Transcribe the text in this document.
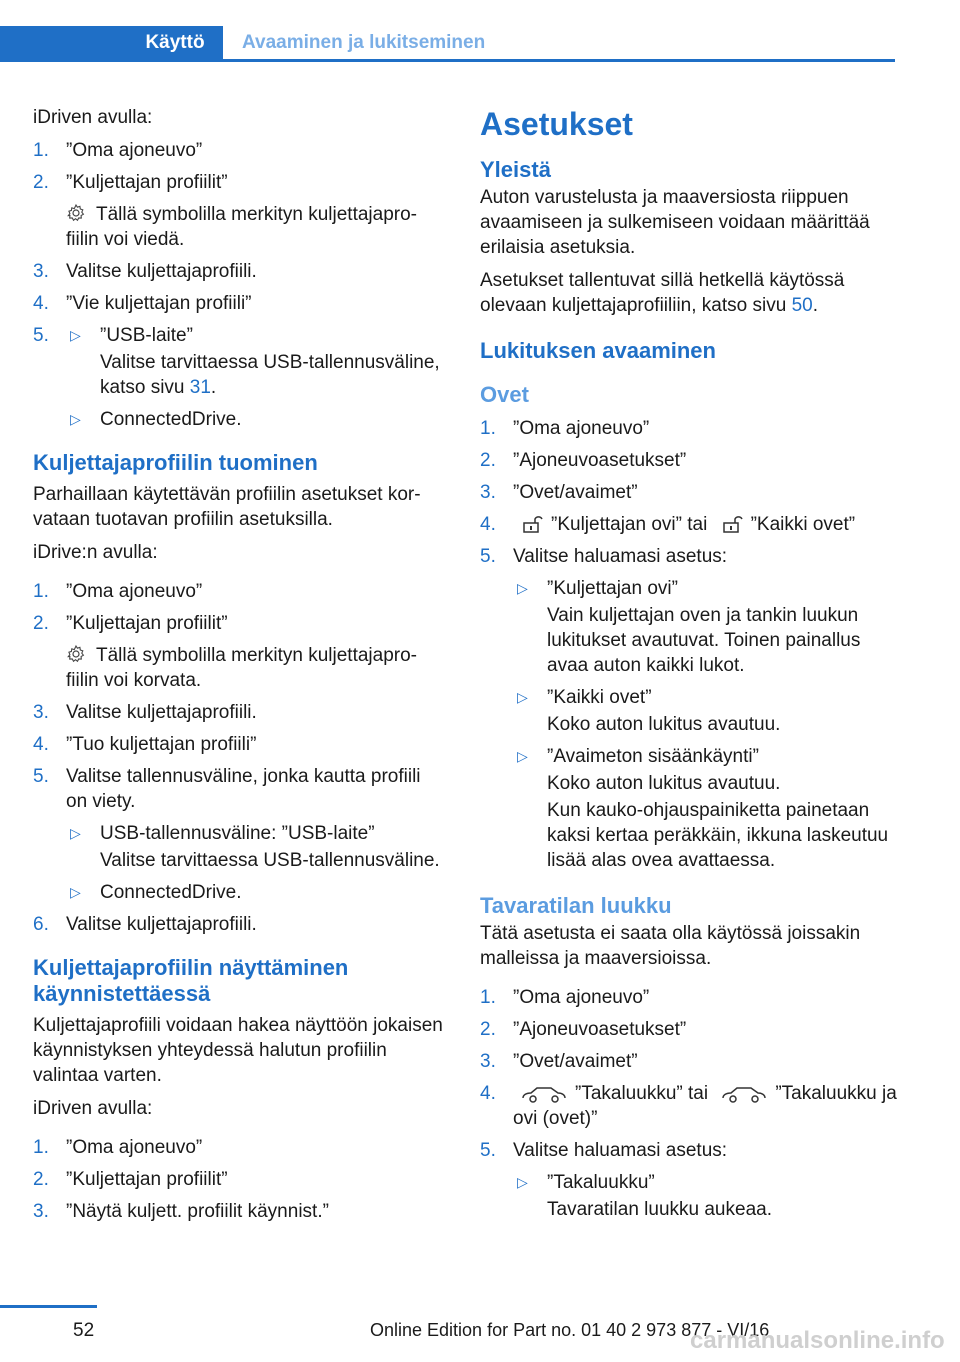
Käyttö	Avaaminen ja lukitseminen

iDriven avulla:

1. ”Oma ajoneuvo”
2. ”Kuljettajan profiilit”
Tällä symbolilla merkityn kuljettajaprofiilin voi viedä.
3. Valitse kuljettajaprofiili.
4. ”Vie kuljettajan profiili”
5. ▷ ”USB-laite”
Valitse tarvittaessa USB-tallennusväline, katso sivu 31.
▷ ConnectedDrive.
Kuljettajaprofiilin tuominen

Parhaillaan käytettävän profiilin asetukset korvataan tuotavan profiilin asetuksilla.

iDrive:n avulla:

1. ”Oma ajoneuvo”
2. ”Kuljettajan profiilit”
Tällä symbolilla merkityn kuljettajaprofiilin voi korvata.
3. Valitse kuljettajaprofiili.
4. ”Tuo kuljettajan profiili”
5. Valitse tallennusväline, jonka kautta profiili on viety.
▷ USB-tallennusväline: ”USB-laite”
Valitse tarvittaessa USB-tallennusväline.
▷ ConnectedDrive.
6. Valitse kuljettajaprofiili.
Kuljettajaprofiilin näyttäminen käynnistettäessä

Kuljettajaprofiili voidaan hakea näyttöön jokaisen käynnistyksen yhteydessä halutun profiilin valintaa varten.

iDriven avulla:

1. ”Oma ajoneuvo”
2. ”Kuljettajan profiilit”
3. ”Näytä kuljett. profiilit käynnist.”
Asetukset
Yleistä

Auton varustelusta ja maaversiosta riippuen avaamiseen ja sulkemiseen voidaan määrittää erilaisia asetuksia.

Asetukset tallentuvat sillä hetkellä käytössä olevaan kuljettajaprofiiliin, katso sivu 50.

Lukituksen avaaminen
Ovet
1. ”Oma ajoneuvo”
2. ”Ajoneuvoasetukset”
3. ”Ovet/avaimet”
4.	”Kuljettajan ovi” tai ”Kaikki ovet”
5. Valitse haluamasi asetus:
▷ ”Kuljettajan ovi”
Vain kuljettajan oven ja tankin luukun lukitukset avautuvat. Toinen painallus avaa auton kaikki lukot.
▷ ”Kaikki ovet”
Koko auton lukitus avautuu.
▷ ”Avaimeton sisäänkäynti”
Koko auton lukitus avautuu.
Kun kauko-ohjauspainiketta painetaan kaksi kertaa peräkkäin, ikkuna laskeutuu lisää alas ovea avattaessa.
Tavaratilan luukku

Tätä asetusta ei saata olla käytössä joissakin malleissa ja maaversioissa.

1. ”Oma ajoneuvo”
2. ”Ajoneuvoasetukset”
3. ”Ovet/avaimet”
4.	”Takaluukku” tai	”Takaluukku ja ovi (ovet)”
5. Valitse haluamasi asetus:
▷ ”Takaluukku”
Tavaratilan luukku aukeaa.
52	Online Edition for Part no. 01 40 2 973 877 - VI/16
carmanualsonline.info
